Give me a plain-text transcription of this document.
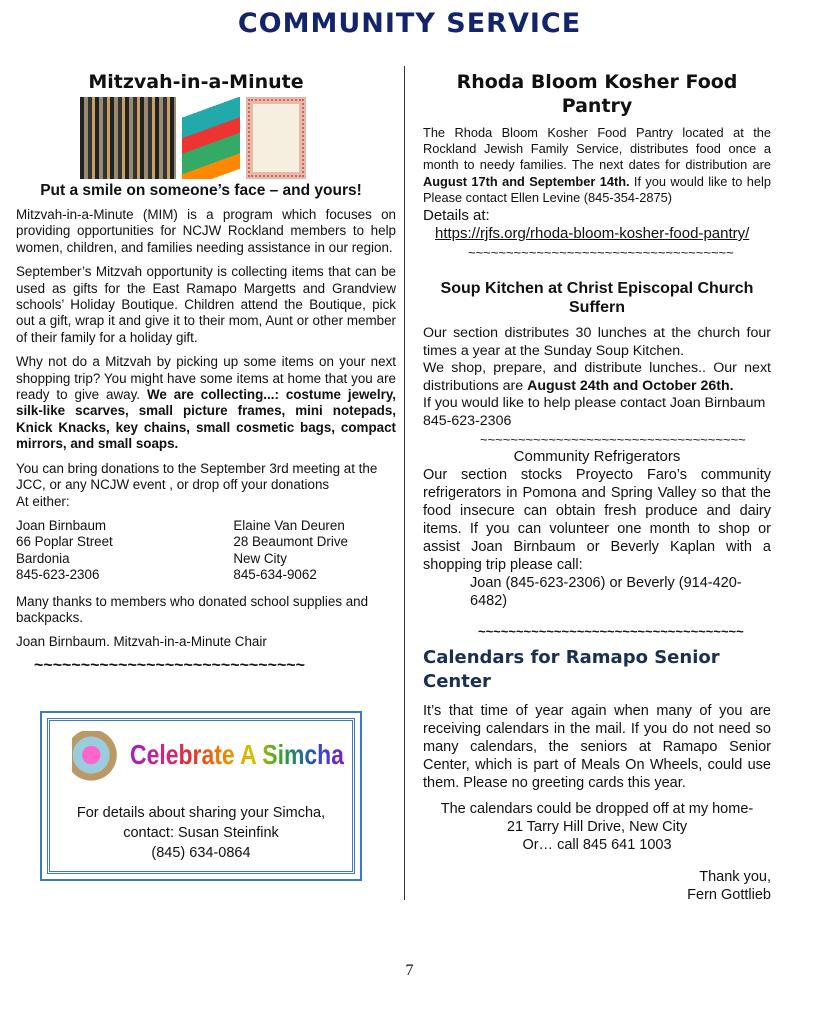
COMMUNITY SERVICE
Mitzvah-in-a-Minute
Put a smile on someone’s face – and yours!

Mitzvah-in-a-Minute (MIM) is a program which focuses on providing opportunities for NCJW Rockland members to help women, children, and families needing assistance in our region.

September’s Mitzvah opportunity is collecting items that can be used as gifts for the East Ramapo Margetts and Grandview schools’ Holiday Boutique. Children attend the Boutique, pick out a gift, wrap it and give it to their mom, Aunt or other member of their family for a holiday gift.

Why not do a Mitzvah by picking up some items on your next shopping trip? You might have some items at home that you are ready to give away. We are collecting...: costume jewelry, silk-like scarves, small picture frames, mini notepads, Knick Knacks, key chains, small cosmetic bags, compact mirrors, and small soaps.

You can bring donations to the September 3rd meeting at the JCC, or any NCJW event , or drop off your donations
At either:

Joan Birnbaum
66 Poplar Street
Bardonia
845-623-2306
Elaine Van Deuren
28 Beaumont Drive
New City
845-634-9062

Many thanks to members who donated school supplies and backpacks.

Joan Birnbaum. Mitzvah-in-a-Minute Chair

~~~~~~~~~~~~~~~~~~~~~~~~~~~~~
Celebrate A Simcha
For details about sharing your Simcha,
contact: Susan Steinfink
(845) 634-0864
Rhoda Bloom Kosher Food Pantry
The Rhoda Bloom Kosher Food Pantry located at the Rockland Jewish Family Service, distributes food once a month to needy families. The next dates for distribution are August 17th and September 14th. If you would like to help Please contact Ellen Levine (845-354-2875)
Details at:
https://rjfs.org/rhoda-bloom-kosher-food-pantry/
~~~~~~~~~~~~~~~~~~~~~~~~~~~~~~~~~~~
Soup Kitchen at Christ Episcopal Church
Suffern
Our section distributes 30 lunches at the church four times a year at the Sunday Soup Kitchen.
We shop, prepare, and distribute lunches.. Our next distributions are August 24th and October 26th.
If you would like to help please contact Joan Birnbaum
845-623-2306
~~~~~~~~~~~~~~~~~~~~~~~~~~~~~~~~~~~
Community Refrigerators
Our section stocks Proyecto Faro’s community refrigerators in Pomona and Spring Valley so that the food insecure can obtain fresh produce and dairy items. If you can volunteer one month to shop or assist Joan Birnbaum or Beverly Kaplan with a shopping trip please call:
Joan (845-623-2306) or Beverly (914-420-6482)
~~~~~~~~~~~~~~~~~~~~~~~~~~~~~~~~~~~
Calendars for Ramapo Senior Center
It’s that time of year again when many of you are receiving calendars in the mail. If you do not need so many calendars, the seniors at Ramapo Senior Center, which is part of Meals On Wheels, could use them. Please no greeting cards this year.
The calendars could be dropped off at my home-
21 Tarry Hill Drive, New City
Or… call 845 641 1003
Thank you,
Fern Gottlieb
7
